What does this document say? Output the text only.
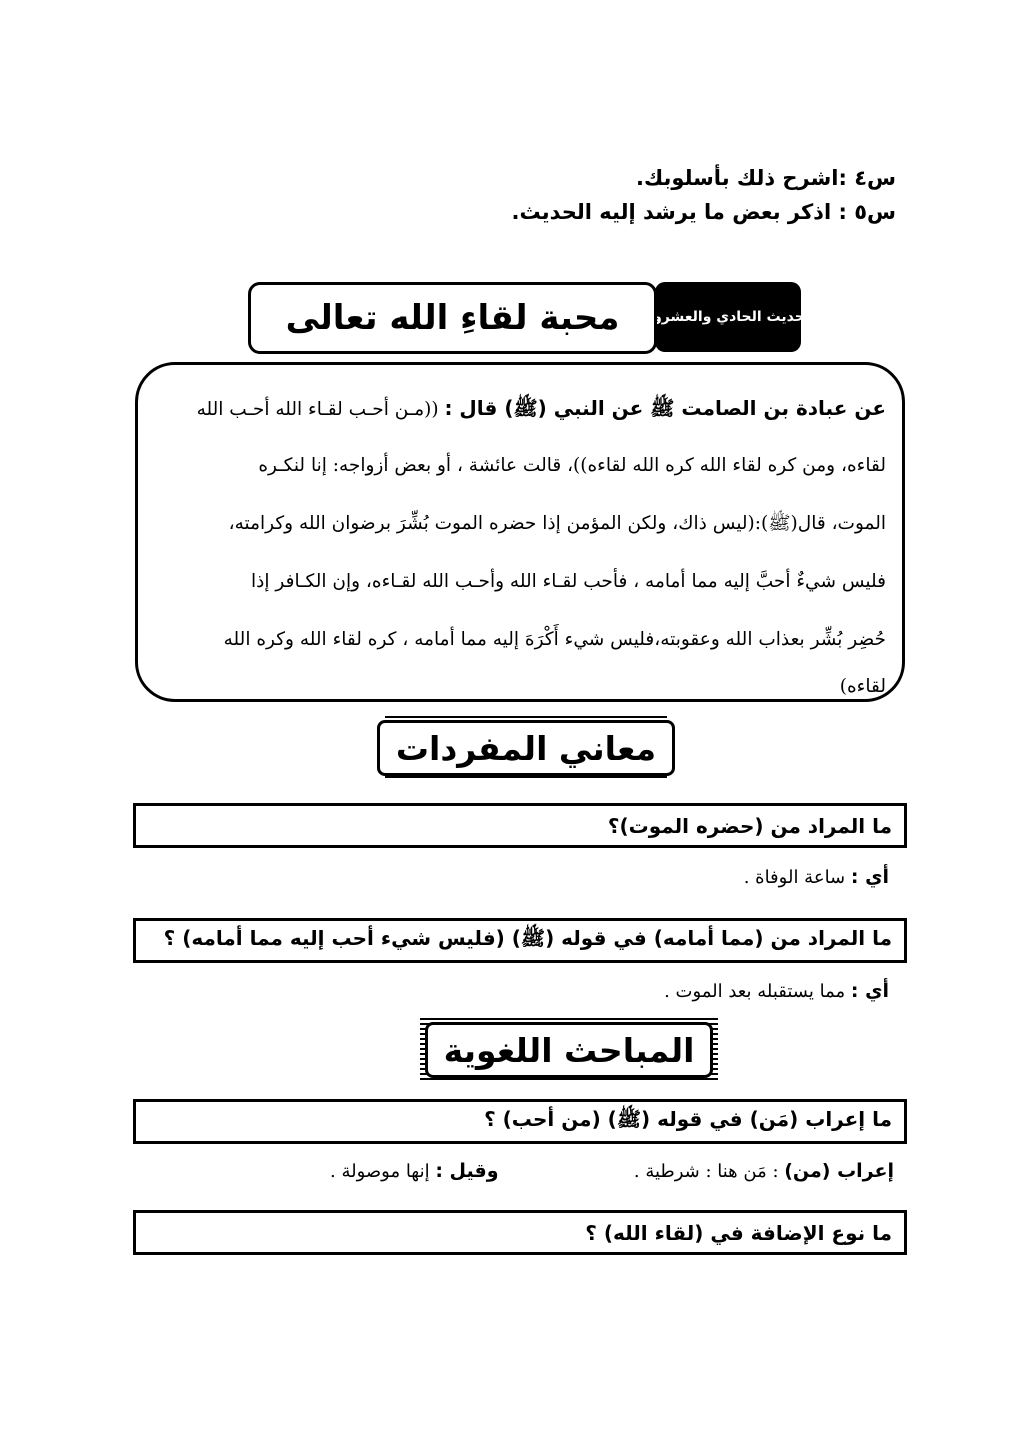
س٤ :اشرح ذلك بأسلوبك.
س٥ : اذكر بعض ما يرشد إليه الحديث.
الحديث الحادي والعشرون
محبة لقاءِ الله تعالى
عن عبادة بن الصامت ﷺ عن النبي (ﷺ) قال : ((مـن أحـب لقـاء الله أحـب الله
لقاءه، ومن كره لقاء الله كره الله لقاءه))، قالت عائشة ، أو بعض أزواجه: إنا لنكـره
الموت، قال(ﷺ):(ليس ذاك، ولكن المؤمن إذا حضره الموت بُشِّرَ برضوان الله وكرامته،
فليس شيءٌ أحبَّ إليه مما أمامه ، فأحب لقـاء الله وأحـب الله لقـاءه، وإن الكـافر إذا
حُضِر بُشِّر بعذاب الله وعقوبته،فليس شيء أَكْرَهَ إليه مما أمامه ، كره لقاء الله وكره الله
لقاءه)
معاني المفردات
ما المراد من (حضره الموت)؟
أي : ساعة الوفاة .
ما المراد من (مما أمامه) في قوله (ﷺ) (فليس شيء أحب إليه مما أمامه) ؟
أي : مما يستقبله بعد الموت .
المباحث اللغوية
ما إعراب (مَن) في قوله (ﷺ) (من أحب) ؟
إعراب (من) : مَن هنا : شرطية .
وقيل : إنها موصولة .
ما نوع الإضافة في (لقاء الله) ؟
